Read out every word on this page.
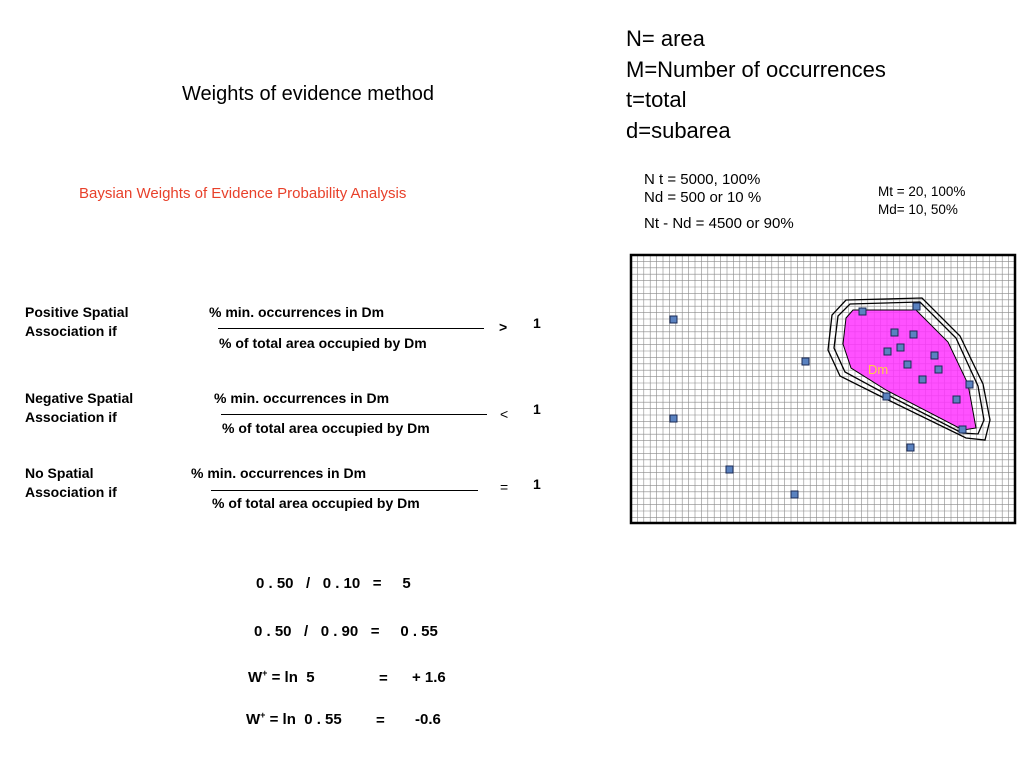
Weights of evidence method
Baysian Weights of Evidence Probability Analysis
N= area
M=Number of occurrences
t=total
d=subarea
N t = 5000, 100%
Nd = 500 or 10 %
Nt - Nd = 4500 or 90%
Mt = 20, 100%
Md= 10, 50%
Positive Spatial
Association if
% min. occurrences in Dm
% of total area occupied by Dm
> 1
Negative Spatial
Association if
% min. occurrences in Dm
% of total area occupied by Dm
< 1
No Spatial
Association if
% min. occurrences in Dm
% of total area occupied by Dm
= 1
0 . 50   /   0 . 10   =     5
0 . 50   /   0 . 90   =     0 . 55
W+ = ln  5	= + 1.6
W+ = ln  0 . 55 = -0.6
Dm
